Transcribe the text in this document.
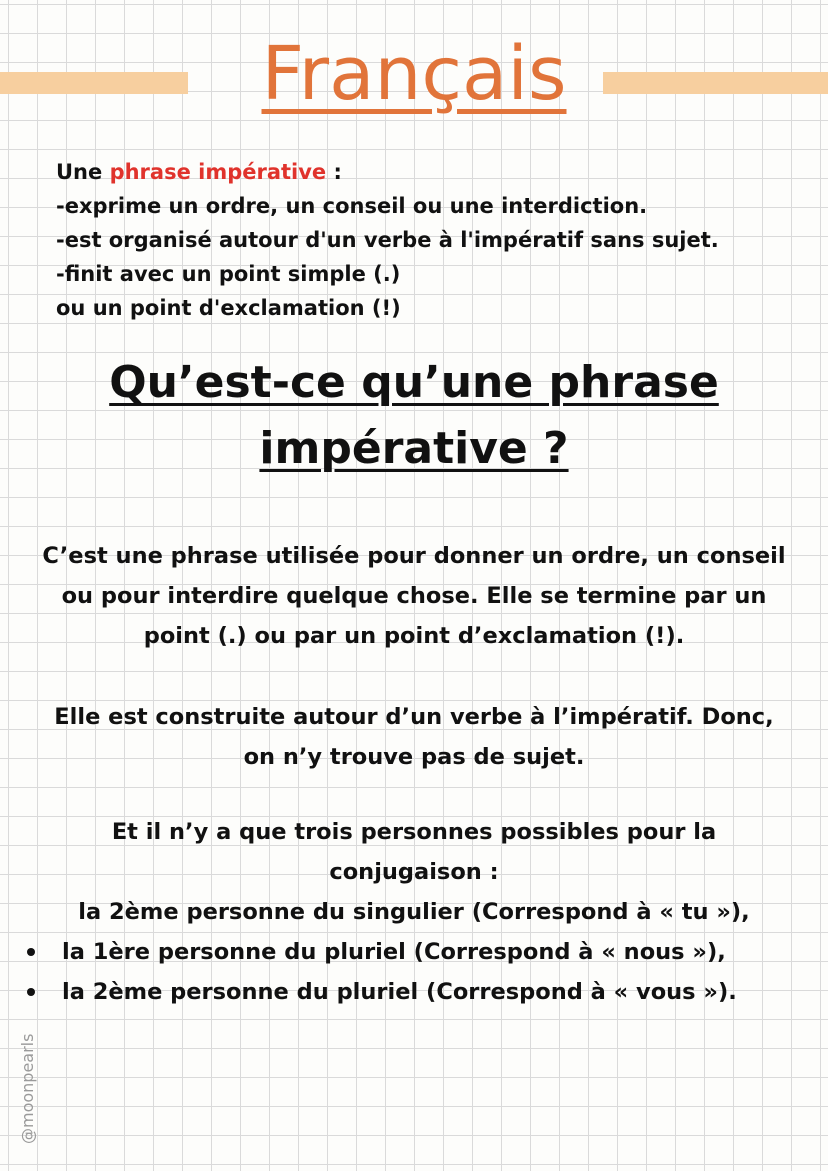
Français
Une phrase impérative :
-exprime un ordre, un conseil ou une interdiction.
-est organisé autour d'un verbe à l'impératif sans sujet.
-finit avec un point simple (.)
ou un point d'exclamation (!)
Qu’est-ce qu’une phrase
impérative ?
C’est une phrase utilisée pour donner un ordre, un conseil
ou pour interdire quelque chose. Elle se termine par un
point (.) ou par un point d’exclamation (!).
Elle est construite autour d’un verbe à l’impératif. Donc,
on n’y trouve pas de sujet.
Et il n’y a que trois personnes possibles pour la
conjugaison :
la 2ème personne du singulier (Correspond à « tu »),
la 1ère personne du pluriel (Correspond à « nous »),
la 2ème personne du pluriel (Correspond à « vous »).
@moonpearls
